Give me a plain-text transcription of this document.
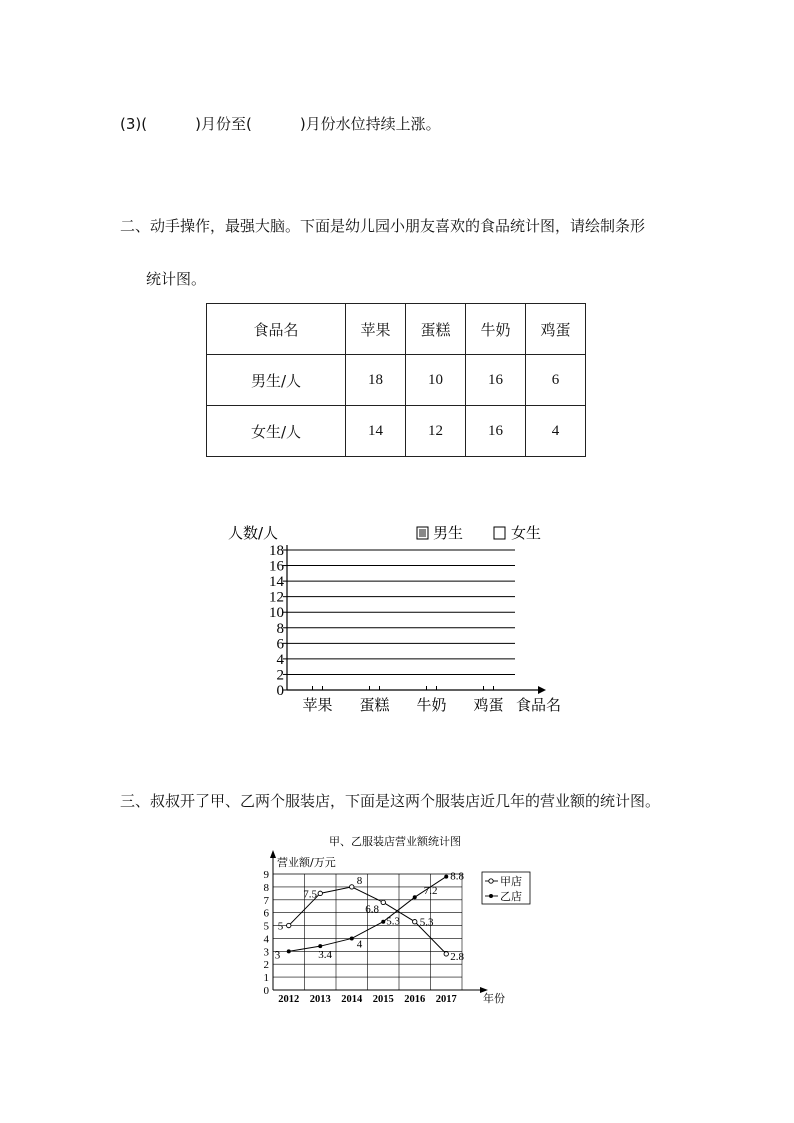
(3)(	)月份至(	)月份水位持续上涨。
二、动手操作，最强大脑。下面是幼儿园小朋友喜欢的食品统计图，请绘制条形
统计图。
食品名	苹果	蛋糕	牛奶	鸡蛋
男生/人	18	10	16	6
女生/人	14	12	16	4
人数/人
0
2
4
6
8
10
12
14
16
18
苹果 蛋糕 牛奶 鸡蛋 食品名
男生	女生
三、叔叔开了甲、乙两个服装店，下面是这两个服装店近几年的营业额的统计图。
甲、乙服装店营业额统计图
营业额/万元
0
1
2
3
4
5
6
7
8
9
2012 2013 2014 2015 2016 2017 年份
5
7.5
8
6.8
5.3
2.8
3	3.4
4
5.3
7.2
8.8	甲店
乙店
